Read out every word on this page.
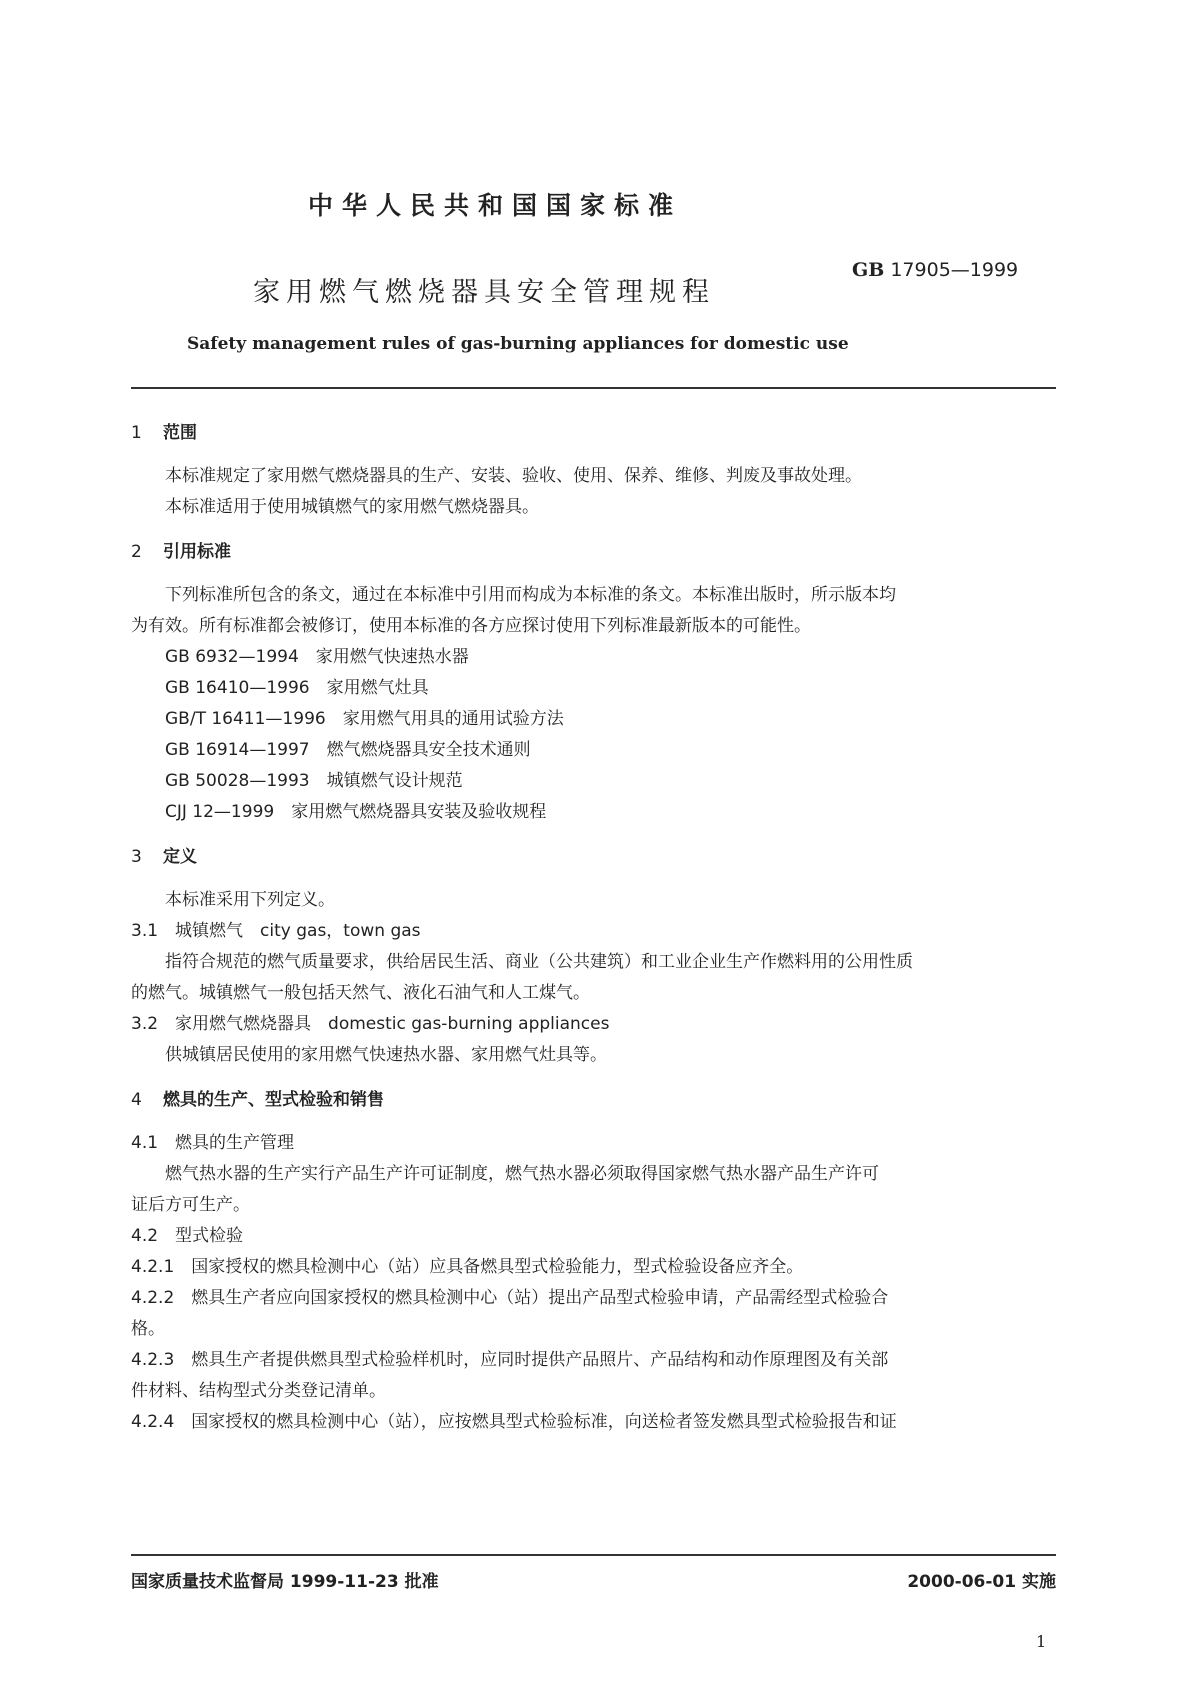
中华人民共和国国家标准
家用燃气燃烧器具安全管理规程
GB 17905—1999
Safety management rules of gas-burning appliances for domestic use
1 范围
本标准规定了家用燃气燃烧器具的生产、安装、验收、使用、保养、维修、判废及事故处理。
本标准适用于使用城镇燃气的家用燃气燃烧器具。
2 引用标准
下列标准所包含的条文，通过在本标准中引用而构成为本标准的条文。本标准出版时，所示版本均
为有效。所有标准都会被修订，使用本标准的各方应探讨使用下列标准最新版本的可能性。
GB 6932—1994　家用燃气快速热水器
GB 16410—1996　家用燃气灶具
GB/T 16411—1996　家用燃气用具的通用试验方法
GB 16914—1997　燃气燃烧器具安全技术通则
GB 50028—1993　城镇燃气设计规范
CJJ 12—1999　家用燃气燃烧器具安装及验收规程
3 定义
本标准采用下列定义。
3.1　城镇燃气　city gas，town gas
指符合规范的燃气质量要求，供给居民生活、商业（公共建筑）和工业企业生产作燃料用的公用性质
的燃气。城镇燃气一般包括天然气、液化石油气和人工煤气。
3.2　家用燃气燃烧器具　domestic gas-burning appliances
供城镇居民使用的家用燃气快速热水器、家用燃气灶具等。
4 燃具的生产、型式检验和销售
4.1　燃具的生产管理
燃气热水器的生产实行产品生产许可证制度，燃气热水器必须取得国家燃气热水器产品生产许可
证后方可生产。
4.2　型式检验
4.2.1　国家授权的燃具检测中心（站）应具备燃具型式检验能力，型式检验设备应齐全。
4.2.2　燃具生产者应向国家授权的燃具检测中心（站）提出产品型式检验申请，产品需经型式检验合
格。
4.2.3　燃具生产者提供燃具型式检验样机时，应同时提供产品照片、产品结构和动作原理图及有关部
件材料、结构型式分类登记清单。
4.2.4　国家授权的燃具检测中心（站），应按燃具型式检验标准，向送检者签发燃具型式检验报告和证
国家质量技术监督局 1999-11-23 批准	2000-06-01 实施
1
